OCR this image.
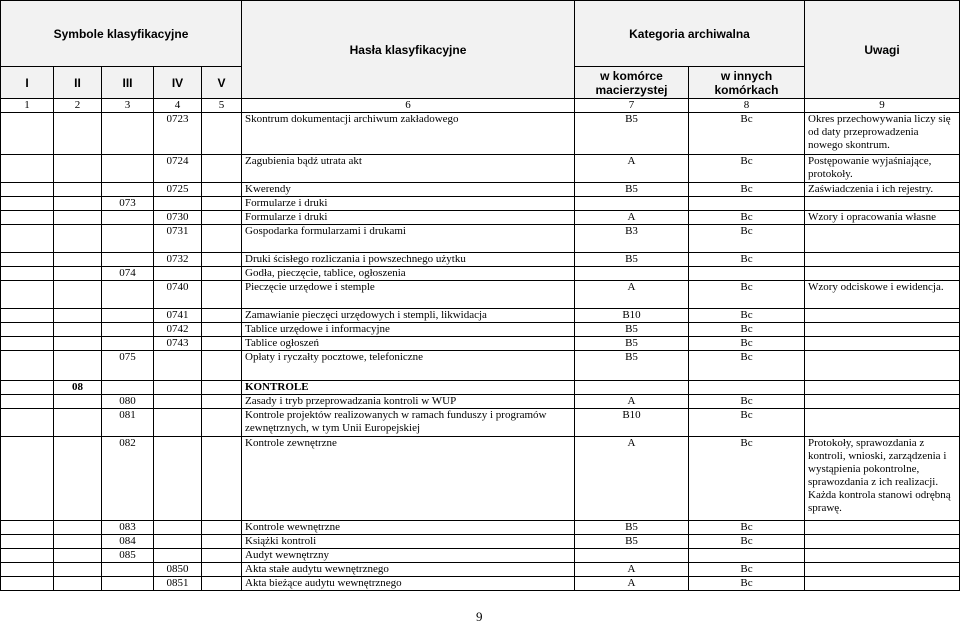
Symbole klasyfikacyjne					Hasła klasyfikacyjne	Kategoria archiwalna		Uwagi
I	II	III	IV	V		w komórce macierzystej	w innych komórkach	
1	2	3	4	5	6	7	8	9
			0723		Skontrum dokumentacji archiwum zakładowego	B5	Bc	Okres przechowywania liczy się od daty przeprowadzenia nowego skontrum.
			0724		Zagubienia bądź utrata akt	A	Bc	Postępowanie wyjaśniające, protokoły.
			0725		Kwerendy	B5	Bc	Zaświadczenia i ich rejestry.
		073			Formularze i druki			
			0730		Formularze i druki	A	Bc	Wzory i opracowania własne
			0731		Gospodarka formularzami i drukami	B3	Bc	
			0732		Druki ścisłego rozliczania i powszechnego użytku	B5	Bc	
		074			Godła, pieczęcie, tablice, ogłoszenia			
			0740		Pieczęcie urzędowe i stemple	A	Bc	Wzory odciskowe i ewidencja.
			0741		Zamawianie pieczęci urzędowych i stempli, likwidacja	B10	Bc	
			0742		Tablice urzędowe i informacyjne	B5	Bc	
			0743		Tablice ogłoszeń	B5	Bc	
		075			Opłaty i ryczałty pocztowe, telefoniczne	B5	Bc	
	08				KONTROLE			
		080			Zasady i tryb przeprowadzania kontroli w WUP	A	Bc	
		081			Kontrole projektów realizowanych w ramach funduszy i programów zewnętrznych, w tym Unii Europejskiej	B10	Bc	
		082			Kontrole zewnętrzne	A	Bc	Protokoły, sprawozdania z kontroli, wnioski, zarządzenia i wystąpienia pokontrolne, sprawozdania z ich realizacji. Każda kontrola stanowi odrębną sprawę.
		083			Kontrole wewnętrzne	B5	Bc	
		084			Książki kontroli	B5	Bc	
		085			Audyt wewnętrzny			
			0850		Akta stałe audytu wewnętrznego	A	Bc	
			0851		Akta bieżące audytu wewnętrznego	A	Bc	
9
